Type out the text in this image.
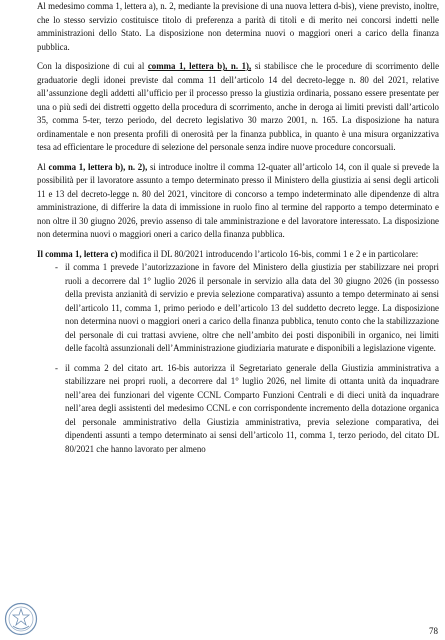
Al medesimo comma 1, lettera a), n. 2, mediante la previsione di una nuova lettera d-bis), viene previsto, inoltre, che lo stesso servizio costituisce titolo di preferenza a parità di titoli e di merito nei concorsi indetti nelle amministrazioni dello Stato. La disposizione non determina nuovi o maggiori oneri a carico della finanza pubblica.

Con la disposizione di cui al comma 1, lettera b), n. 1), si stabilisce che le procedure di scorrimento delle graduatorie degli idonei previste dal comma 11 dell’articolo 14 del decreto-legge n. 80 del 2021, relative all’assunzione degli addetti all’ufficio per il processo presso la giustizia ordinaria, possano essere presentate per una o più sedi dei distretti oggetto della procedura di scorrimento, anche in deroga ai limiti previsti dall’articolo 35, comma 5-ter, terzo periodo, del decreto legislativo 30 marzo 2001, n. 165. La disposizione ha natura ordinamentale e non presenta profili di onerosità per la finanza pubblica, in quanto è una misura organizzativa tesa ad efficientare le procedure di selezione del personale senza indire nuove procedure concorsuali.

Al comma 1, lettera b), n. 2), si introduce inoltre il comma 12-quater all’articolo 14, con il quale si prevede la possibilità per il lavoratore assunto a tempo determinato presso il Ministero della giustizia ai sensi degli articoli 11 e 13 del decreto-legge n. 80 del 2021, vincitore di concorso a tempo indeterminato alle dipendenze di altra amministrazione, di differire la data di immissione in ruolo fino al termine del rapporto a tempo determinato e non oltre il 30 giugno 2026, previo assenso di tale amministrazione e del lavoratore interessato. La disposizione non determina nuovi o maggiori oneri a carico della finanza pubblica.

Il comma 1, lettera c) modifica il DL 80/2021 introducendo l’articolo 16-bis, commi 1 e 2 e in particolare:

- il comma 1 prevede l’autorizzazione in favore del Ministero della giustizia per stabilizzare nei propri ruoli a decorrere dal 1° luglio 2026 il personale in servizio alla data del 30 giugno 2026 (in possesso della prevista anzianità di servizio e previa selezione comparativa) assunto a tempo determinato ai sensi dell’articolo 11, comma 1, primo periodo e dell’articolo 13 del suddetto decreto legge. La disposizione non determina nuovi o maggiori oneri a carico della finanza pubblica, tenuto conto che la stabilizzazione del personale di cui trattasi avviene, oltre che nell’ambito dei posti disponibili in organico, nei limiti delle facoltà assunzionali dell’Amministrazione giudiziaria maturate e disponibili a legislazione vigente.
- il comma 2 del citato art. 16-bis autorizza il Segretariato generale della Giustizia amministrativa a stabilizzare nei propri ruoli, a decorrere dal 1° luglio 2026, nel limite di ottanta unità da inquadrare nell’area dei funzionari del vigente CCNL Comparto Funzioni Centrali e di dieci unità da inquadrare nell’area degli assistenti del medesimo CCNL e con corrispondente incremento della dotazione organica del personale amministrativo della Giustizia amministrativa, previa selezione comparativa, dei dipendenti assunti a tempo determinato ai sensi dell’articolo 11, comma 1, terzo periodo, del citato DL 80/2021 che hanno lavorato per almeno
78
